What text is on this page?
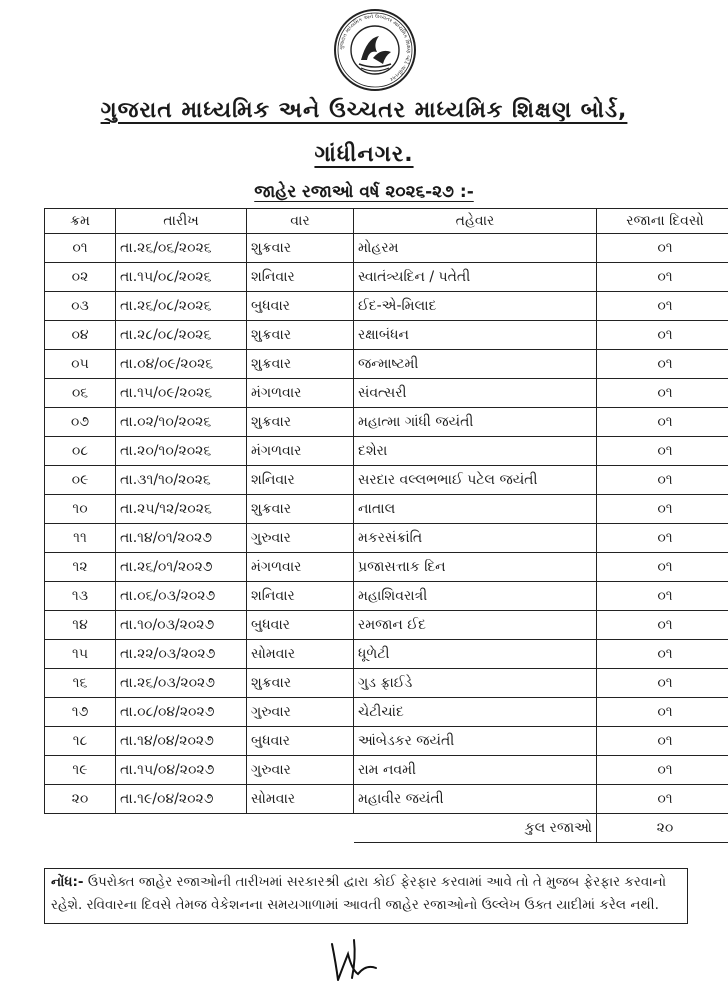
ગુજરાત માધ્યમિક અને ઉચ્ચતર માધ્યમિક શિક્ષણ બોર્ડ ગાંધીનગર
ગુજરાત માધ્યમિક અને ઉચ્ચતર માધ્યમિક શિક્ષણ બોર્ડ,
ગાંધીનગર.
જાહેર રજાઓ વર્ષ ૨૦૨૬-૨૭ :-
ક્રમ	તારીખ	વાર	તહેવાર	રજાના દિવસો
૦૧	તા.૨૬/૦૬/૨૦૨૬	શુક્રવાર	મોહરમ	૦૧
૦૨	તા.૧૫/૦૮/૨૦૨૬	શનિવાર	સ્વાતંત્ર્યદિન / પતેતી	૦૧
૦૩	તા.૨૬/૦૮/૨૦૨૬	બુધવાર	ઈદ-એ-મિલાદ	૦૧
૦૪	તા.૨૮/૦૮/૨૦૨૬	શુક્રવાર	રક્ષાબંધન	૦૧
૦૫	તા.૦૪/૦૯/૨૦૨૬	શુક્રવાર	જન્માષ્ટમી	૦૧
૦૬	તા.૧૫/૦૯/૨૦૨૬	મંગળવાર	સંવત્સરી	૦૧
૦૭	તા.૦૨/૧૦/૨૦૨૬	શુક્રવાર	મહાત્મા ગાંધી જયંતી	૦૧
૦૮	તા.૨૦/૧૦/૨૦૨૬	મંગળવાર	દશેરા	૦૧
૦૯	તા.૩૧/૧૦/૨૦૨૬	શનિવાર	સરદાર વલ્લભભાઈ પટેલ જયંતી	૦૧
૧૦	તા.૨૫/૧૨/૨૦૨૬	શુક્રવાર	નાતાલ	૦૧
૧૧	તા.૧૪/૦૧/૨૦૨૭	ગુરુવાર	મકરસંક્રાંતિ	૦૧
૧૨	તા.૨૬/૦૧/૨૦૨૭	મંગળવાર	પ્રજાસત્તાક દિન	૦૧
૧૩	તા.૦૬/૦૩/૨૦૨૭	શનિવાર	મહાશિવરાત્રી	૦૧
૧૪	તા.૧૦/૦૩/૨૦૨૭	બુધવાર	રમજાન ઈદ	૦૧
૧૫	તા.૨૨/૦૩/૨૦૨૭	સોમવાર	ધૂળેટી	૦૧
૧૬	તા.૨૬/૦૩/૨૦૨૭	શુક્રવાર	ગુડ ફ્રાઈડે	૦૧
૧૭	તા.૦૮/૦૪/૨૦૨૭	ગુરુવાર	ચેટીચાંદ	૦૧
૧૮	તા.૧૪/૦૪/૨૦૨૭	બુધવાર	આંબેડકર જયંતી	૦૧
૧૯	તા.૧૫/૦૪/૨૦૨૭	ગુરુવાર	રામ નવમી	૦૧
૨૦	તા.૧૯/૦૪/૨૦૨૭	સોમવાર	મહાવીર જયંતી	૦૧
			કુલ રજાઓ	૨૦
નોંધ:- ઉપરોક્ત જાહેર રજાઓની તારીખમાં સરકારશ્રી દ્વારા કોઈ ફેરફાર કરવામાં આવે તો તે મુજબ ફેરફાર કરવાનો રહેશે. રવિવારના દિવસે તેમજ વેકેશનના સમયગાળામાં આવતી જાહેર રજાઓનો ઉલ્લેખ ઉક્ત યાદીમાં કરેલ નથી.
